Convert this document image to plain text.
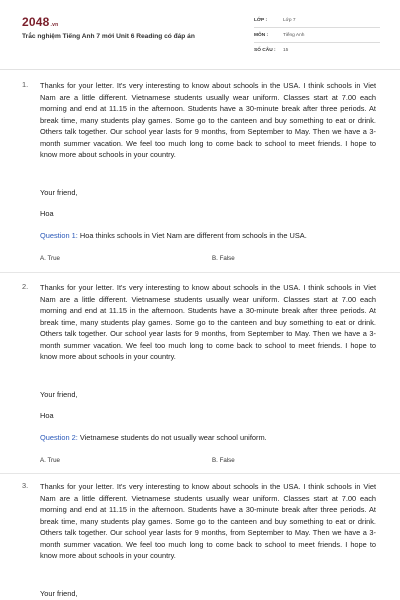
2048.vn
Trắc nghiệm Tiếng Anh 7 mới Unit 6 Reading có đáp án
LỚP :	Lớp 7
MÔN :	Tiếng Anh
SỐ CÂU : 15
1. Thanks for your letter. It's very interesting to know about schools in the USA. I think schools in Viet Nam are a little different. Vietnamese students usually wear uniform. Classes start at 7.00 each morning and end at 11.15 in the afternoon. Students have a 30-minute break after three periods. At break time, many students play games. Some go to the canteen and buy something to eat or drink. Others talk together. Our school year lasts for 9 months, from September to May. Then we have a 3-month summer vacation. We feel too much long to come back to school to meet friends. I hope to know more about schools in your country.
Your friend,
Hoa
Question 1: Hoa thinks schools in Viet Nam are different from schools in the USA.
A. True	B. False
2. Thanks for your letter. It's very interesting to know about schools in the USA. I think schools in Viet Nam are a little different. Vietnamese students usually wear uniform. Classes start at 7.00 each morning and end at 11.15 in the afternoon. Students have a 30-minute break after three periods. At break time, many students play games. Some go to the canteen and buy something to eat or drink. Others talk together. Our school year lasts for 9 months, from September to May. Then we have a 3-month summer vacation. We feel too much long to come back to school to meet friends. I hope to know more about schools in your country.
Your friend,
Hoa
Question 2: Vietnamese students do not usually wear school uniform.
A. True	B. False
3. Thanks for your letter. It's very interesting to know about schools in the USA. I think schools in Viet Nam are a little different. Vietnamese students usually wear uniform. Classes start at 7.00 each morning and end at 11.15 in the afternoon. Students have a 30-minute break after three periods. At break time, many students play games. Some go to the canteen and buy something to eat or drink. Others talk together. Our school year lasts for 9 months, from September to May. Then we have a 3-month summer vacation. We feel too much long to come back to school to meet friends. I hope to know more about schools in your country.
Your friend,
